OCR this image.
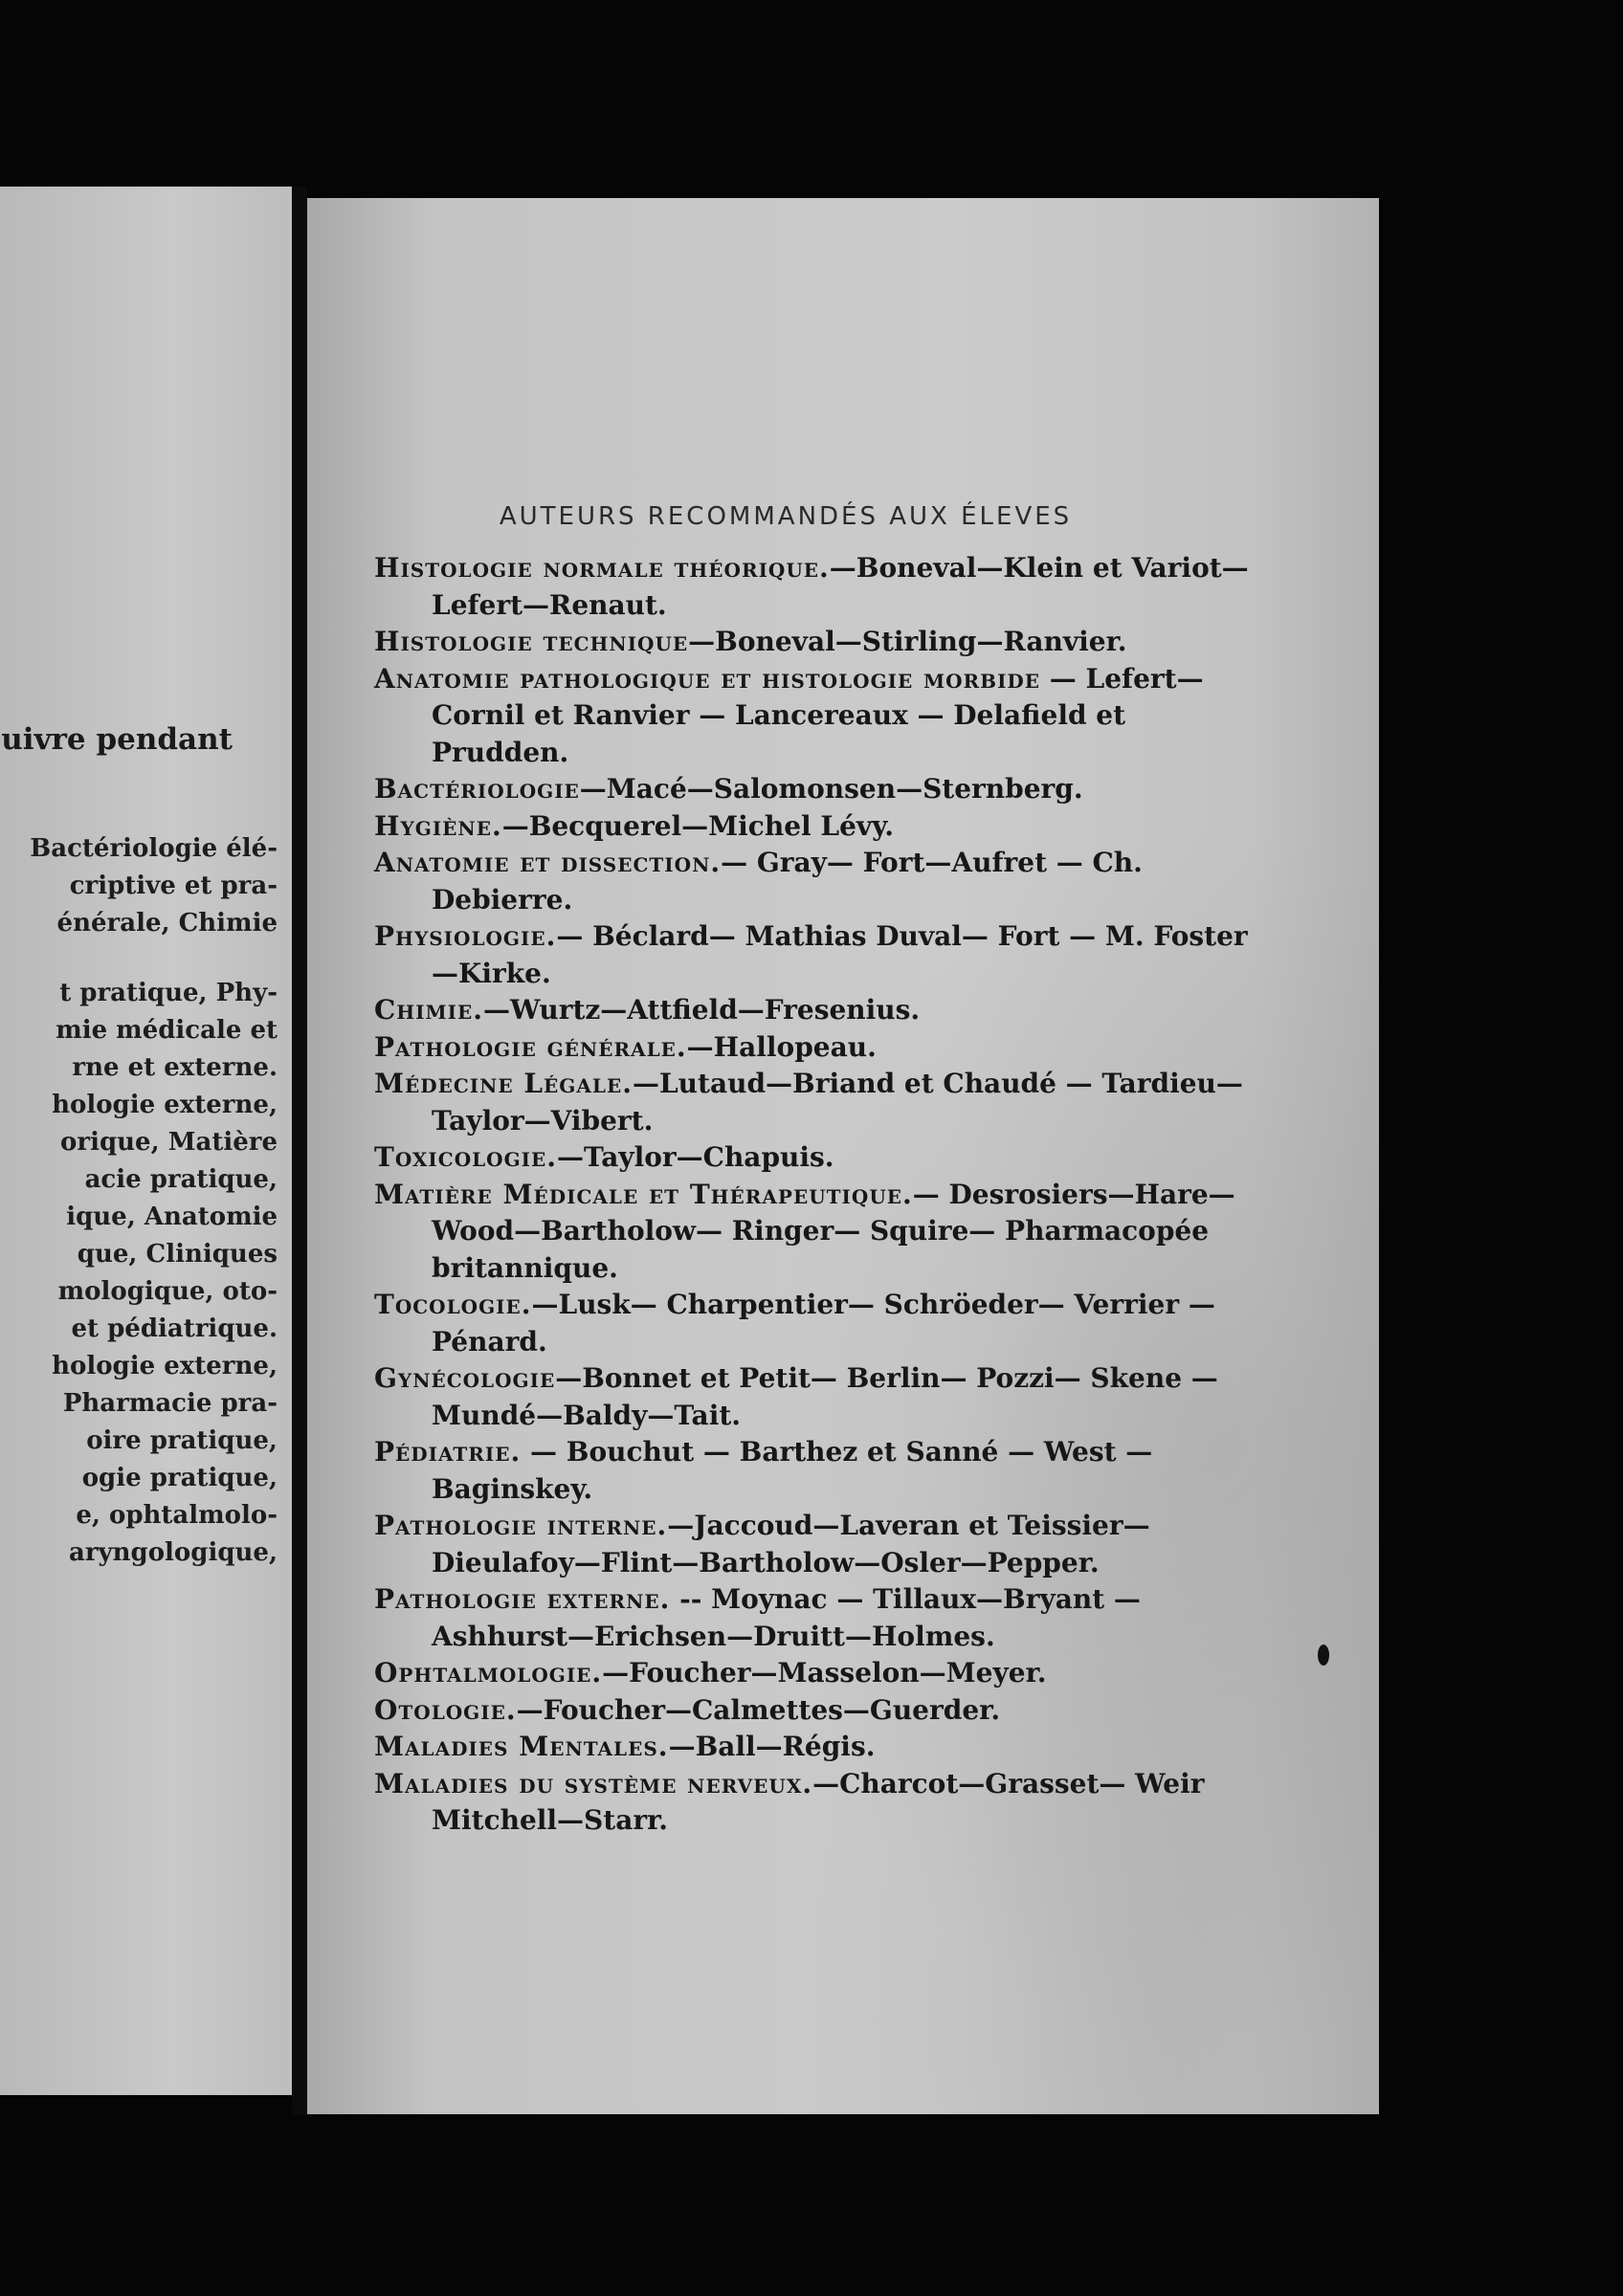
uivre pendant
Bactériologie élé-
criptive et pra-
énérale, Chimie
t pratique, Phy-
mie médicale et
rne et externe.
hologie externe,
orique, Matière
acie pratique,
ique, Anatomie
que, Cliniques
mologique, oto-
et pédiatrique.
hologie externe,
Pharmacie pra-
oire pratique,
ogie pratique,
e, ophtalmolo-
aryngologique,
AUTEURS RECOMMANDÉS AUX ÉLEVES
Histologie normale théorique.—Boneval—Klein et Variot—Lefert—Renaut.
Histologie technique—Boneval—Stirling—Ranvier.
Anatomie pathologique et histologie morbide — Lefert—Cornil et Ranvier — Lancereaux — Delafield et Prudden.
Bactériologie—Macé—Salomonsen—Sternberg.
Hygiène.—Becquerel—Michel Lévy.
Anatomie et dissection.— Gray— Fort—Aufret — Ch. Debierre.
Physiologie.— Béclard— Mathias Duval— Fort — M. Foster—Kirke.
Chimie.—Wurtz—Attfield—Fresenius.
Pathologie générale.—Hallopeau.
Médecine Légale.—Lutaud—Briand et Chaudé — Tardieu—Taylor—Vibert.
Toxicologie.—Taylor—Chapuis.
Matière Médicale et Thérapeutique.— Desrosiers—Hare—Wood—Bartholow— Ringer— Squire— Pharmacopée britannique.
Tocologie.—Lusk— Charpentier— Schröeder— Verrier —Pénard.
Gynécologie—Bonnet et Petit— Berlin— Pozzi— Skene —Mundé—Baldy—Tait.
Pédiatrie. — Bouchut — Barthez et Sanné — West —Baginskey.
Pathologie interne.—Jaccoud—Laveran et Teissier— Dieulafoy—Flint—Bartholow—Osler—Pepper.
Pathologie externe. -- Moynac — Tillaux—Bryant — Ashhurst—Erichsen—Druitt—Holmes.
Ophtalmologie.—Foucher—Masselon—Meyer.
Otologie.—Foucher—Calmettes—Guerder.
Maladies Mentales.—Ball—Régis.
Maladies du système nerveux.—Charcot—Grasset— Weir Mitchell—Starr.
